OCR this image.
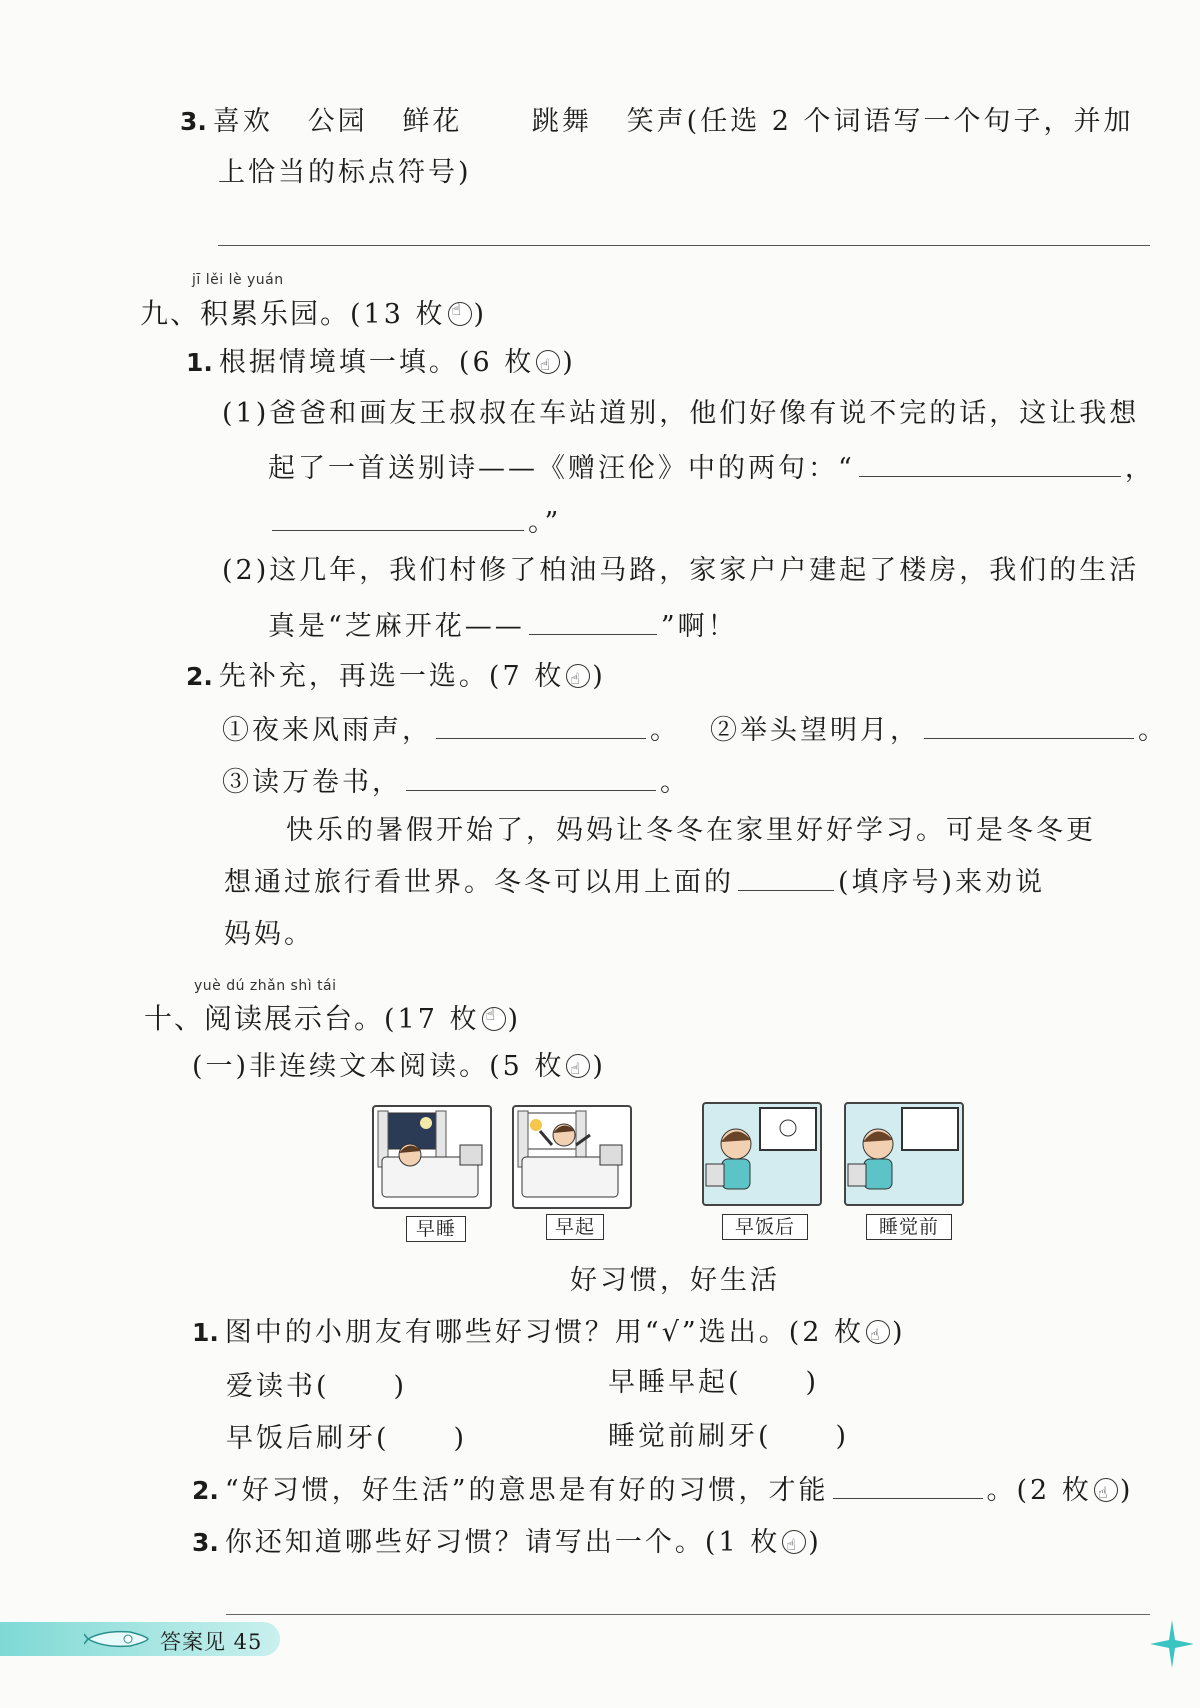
3. 喜欢 公园 鲜花	跳舞 笑声(任选 2 个词语写一个句子，并加
上恰当的标点符号)
jī lěi lè yuán
九、积累乐园。(13 枚 ☝ )
1. 根据情境填一填。(6 枚 ☝ )
(1)爸爸和画友王叔叔在车站道别，他们好像有说不完的话，这让我想
起了一首送别诗——《赠汪伦》中的两句：“	，
。”
(2)这几年，我们村修了柏油马路，家家户户建起了楼房，我们的生活
真是“芝麻开花——	”啊！
2. 先补充，再选一选。(7 枚 ☝ )
①夜来风雨声，	。 ②举头望明月，	。
③读万卷书，	。
快乐的暑假开始了，妈妈让冬冬在家里好好学习。可是冬冬更
想通过旅行看世界。冬冬可以用上面的	(填序号)来劝说
妈妈。
yuè dú zhǎn shì tái
十、阅读展示台。(17 枚 ☝ )
(一)非连续文本阅读。(5 枚 ☝ )
早睡	早起	早饭后	睡觉前
好习惯，好生活
1. 图中的小朋友有哪些好习惯？用“√”选出。(2 枚 ☝ )
爱读书( )	早睡早起( )
早饭后刷牙( )	睡觉前刷牙( )
2. “好习惯，好生活”的意思是有好的习惯，才能	。(2 枚 ☝ )
3. 你还知道哪些好习惯？请写出一个。(1 枚 ☝ )
答案见 45
